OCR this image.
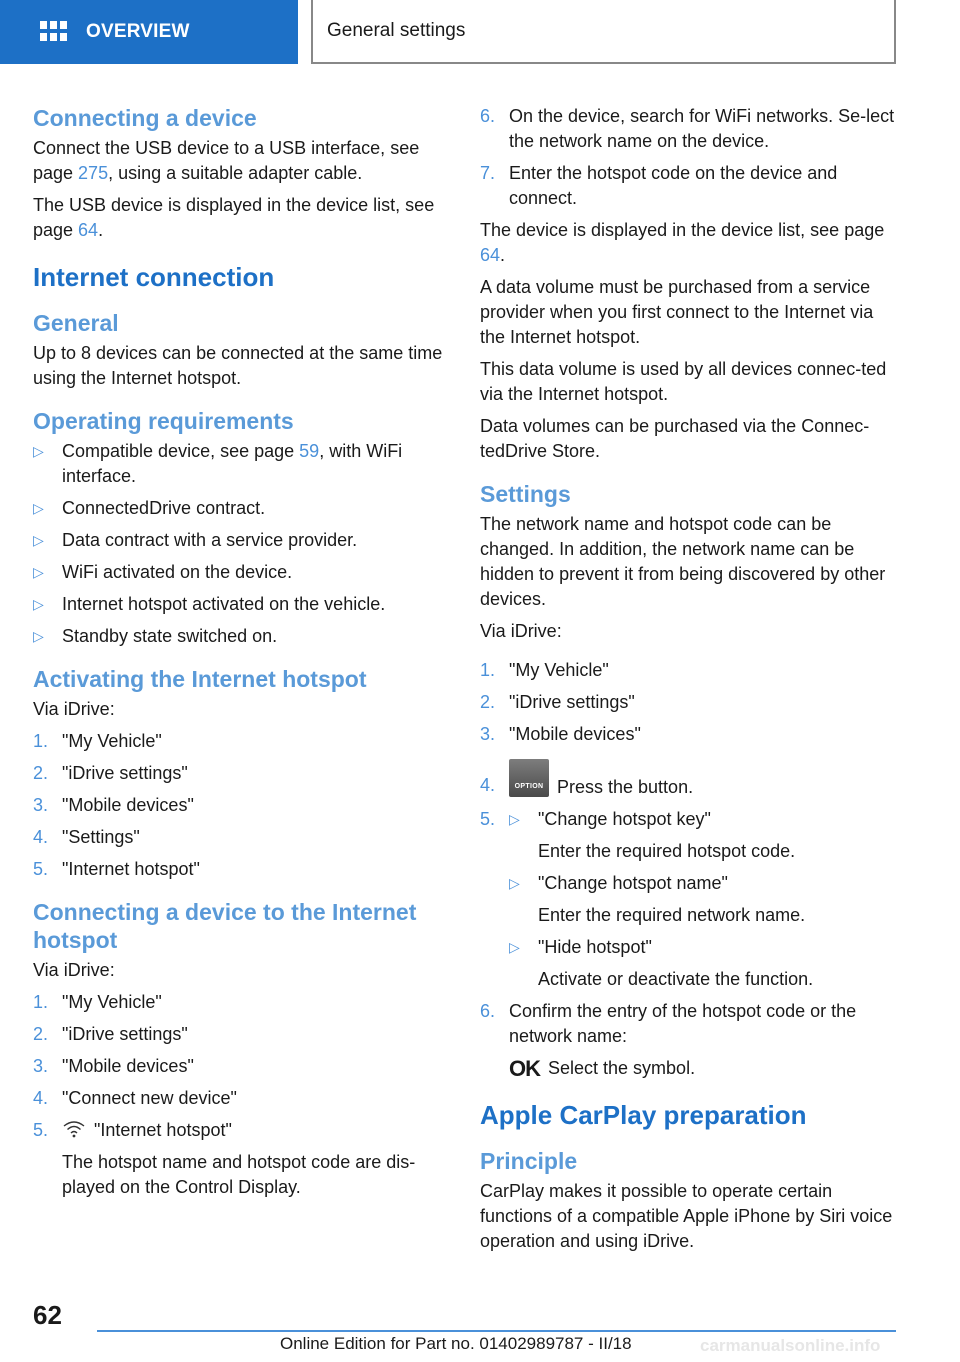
OVERVIEW	General settings
Connecting a device

Connect the USB device to a USB interface, see page 275, using a suitable adapter cable.

The USB device is displayed in the device list, see page 64.

Internet connection
General

Up to 8 devices can be connected at the same time using the Internet hotspot.

Operating requirements
▷ Compatible device, see page 59, with WiFi interface.
▷ ConnectedDrive contract.
▷ Data contract with a service provider.
▷ WiFi activated on the device.
▷ Internet hotspot activated on the vehicle.
▷ Standby state switched on.
Activating the Internet hotspot

Via iDrive:

1. "My Vehicle"
2. "iDrive settings"
3. "Mobile devices"
4. "Settings"
5. "Internet hotspot"
Connecting a device to the Internet hotspot

Via iDrive:

1. "My Vehicle"
2. "iDrive settings"
3. "Mobile devices"
4. "Connect new device"
5.	"Internet hotspot"
The hotspot name and hotspot code are dis‐played on the Control Display.
6. On the device, search for WiFi networks. Se‐lect the network name on the device.
7. Enter the hotspot code on the device and connect.

The device is displayed in the device list, see page 64.

A data volume must be purchased from a service provider when you first connect to the Internet via the Internet hotspot.

This data volume is used by all devices connec‐ted via the Internet hotspot.

Data volumes can be purchased via the Connec‐tedDrive Store.

Settings

The network name and hotspot code can be changed. In addition, the network name can be hidden to prevent it from being discovered by other devices.

Via iDrive:

1. "My Vehicle"
2. "iDrive settings"
3. "Mobile devices"
4.	OPTION Press the button.
5. ▷ "Change hotspot key"
Enter the required hotspot code.
▷ "Change hotspot name"
Enter the required network name.
▷ "Hide hotspot"
Activate or deactivate the function.
6. Confirm the entry of the hotspot code or the network name:
OK Select the symbol.
Apple CarPlay preparation
Principle

CarPlay makes it possible to operate certain functions of a compatible Apple iPhone by Siri voice operation and using iDrive.

62
Online Edition for Part no. 01402989787 - II/18	carmanualsonline.info
